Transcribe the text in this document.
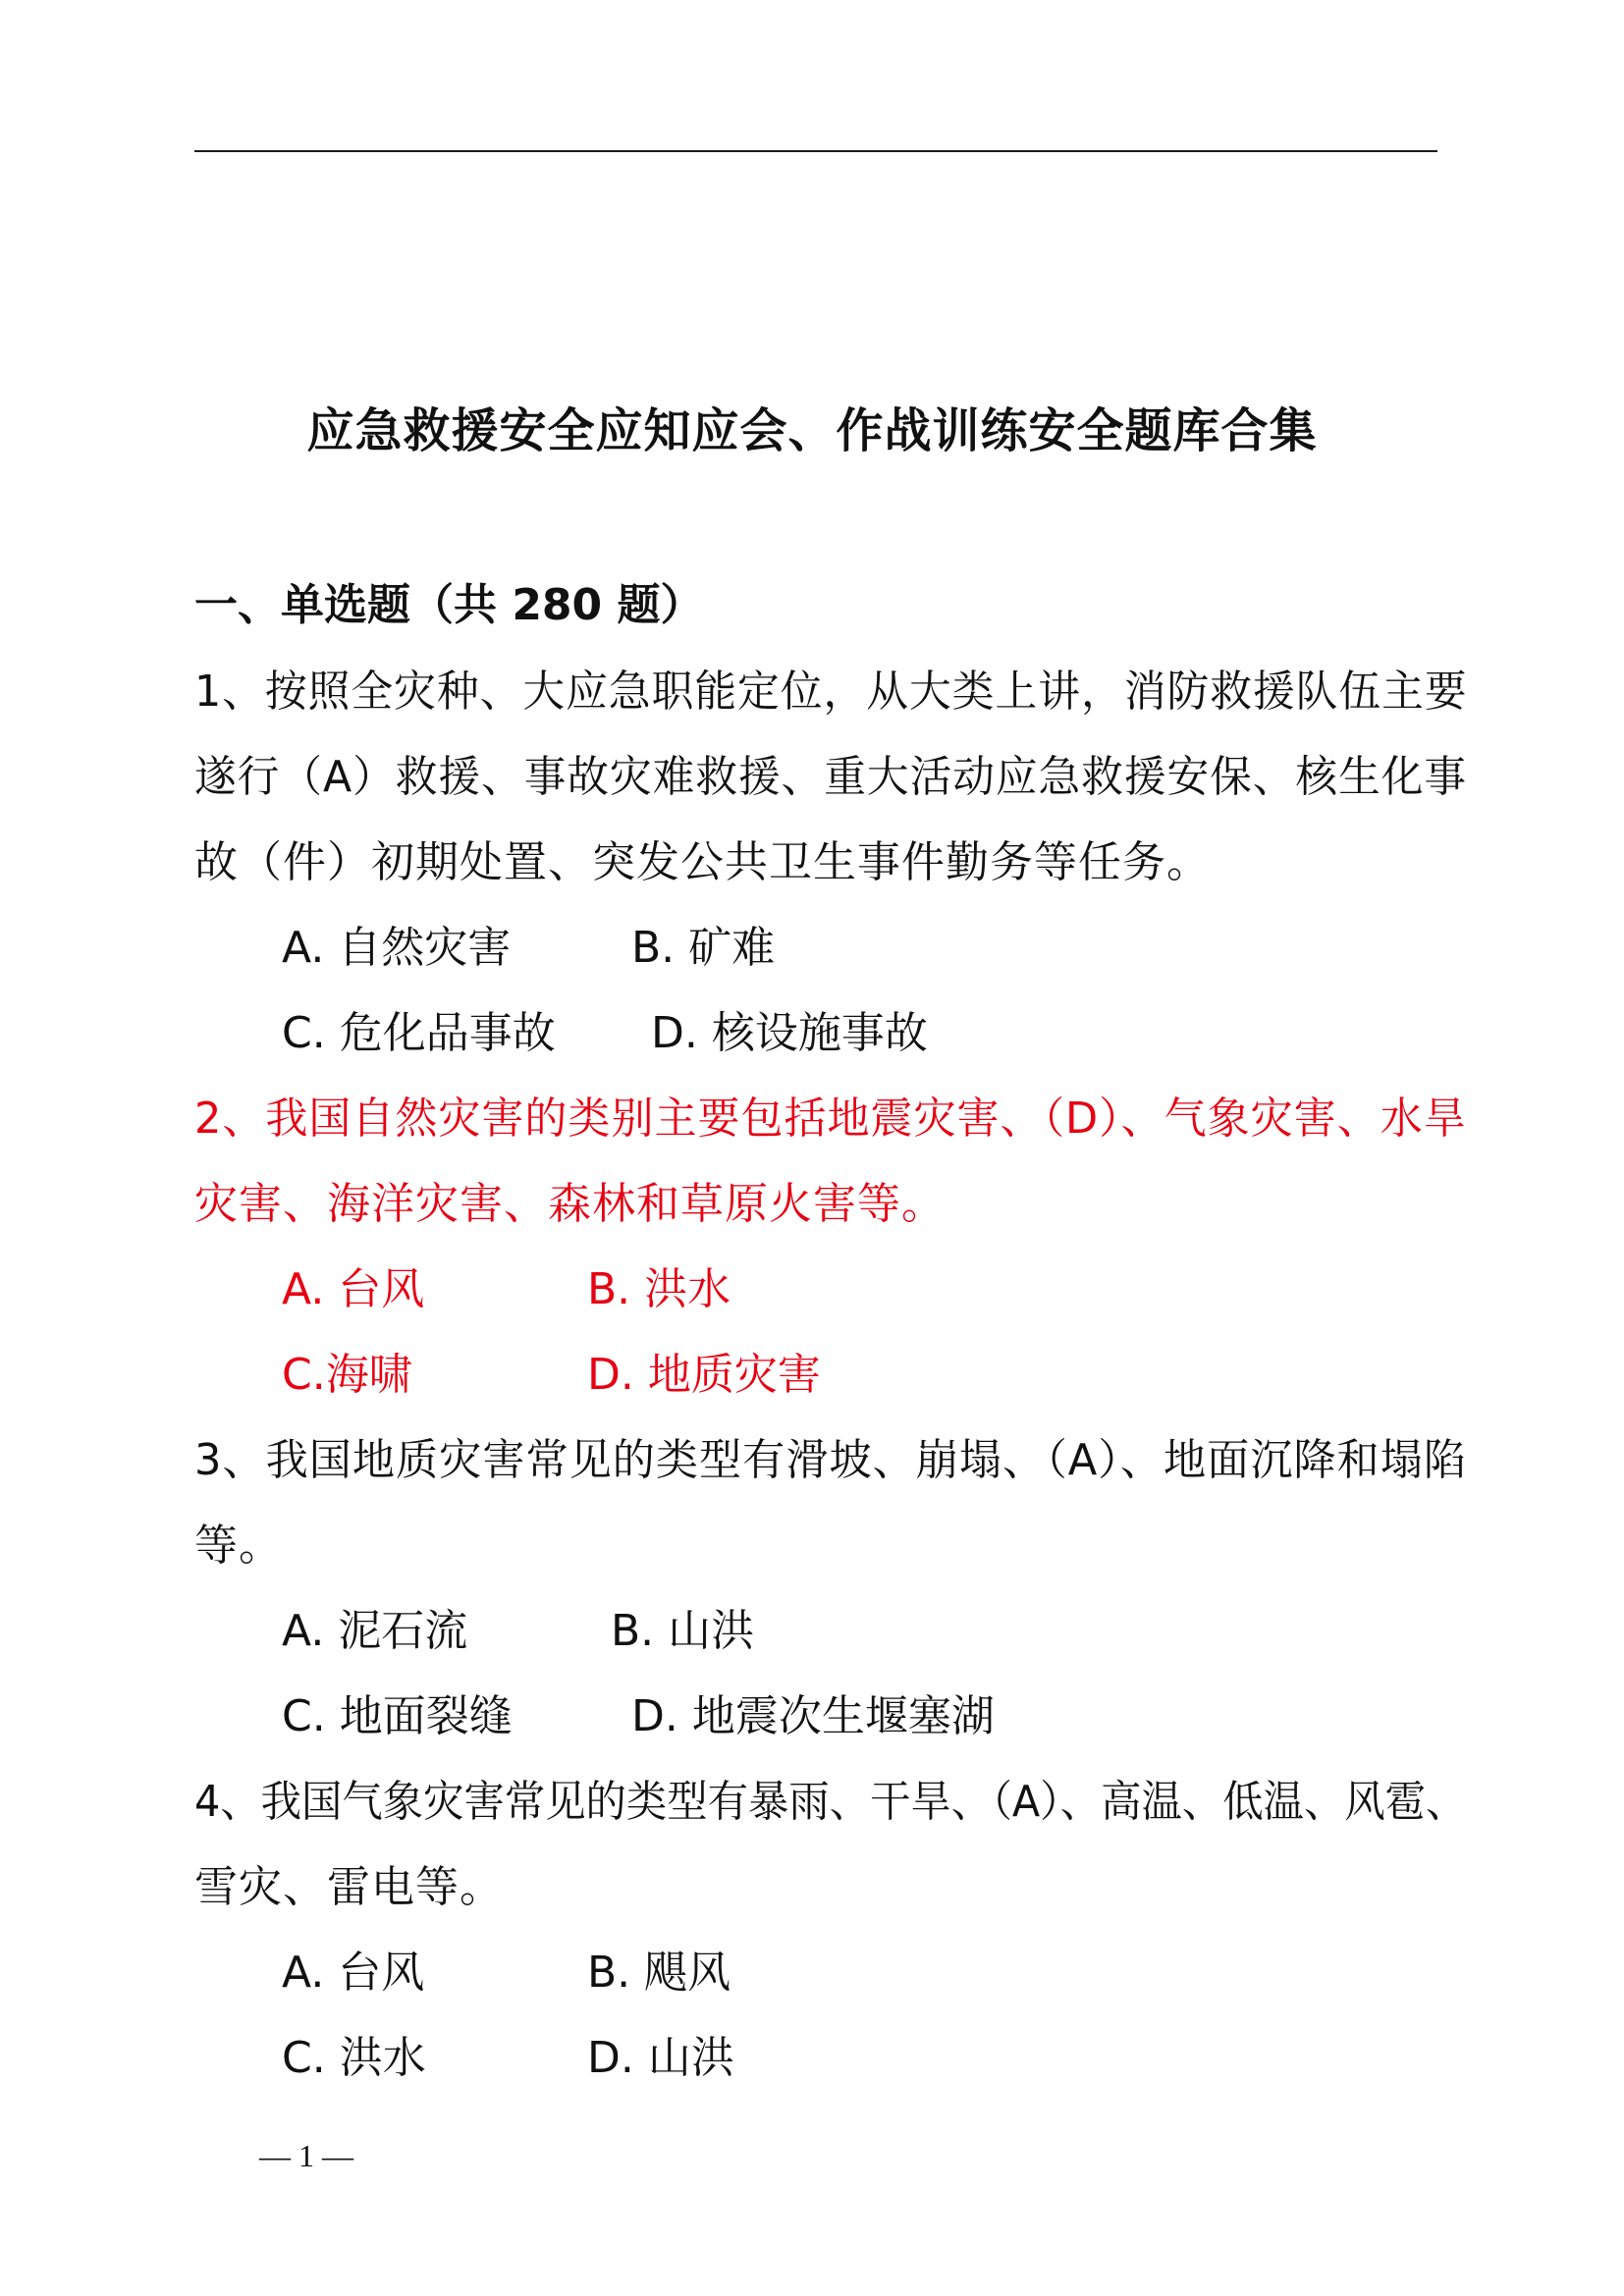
应急救援安全应知应会、作战训练安全题库合集
一、单选题（共 280 题）
1、按照全灾种、大应急职能定位，从大类上讲，消防救援队伍主要
遂行（A）救援、事故灾难救援、重大活动应急救援安保、核生化事
故（件）初期处置、突发公共卫生事件勤务等任务。
A. 自然灾害	B. 矿难
C. 危化品事故 D. 核设施事故
2、我国自然灾害的类别主要包括地震灾害、（D）、气象灾害、水旱
灾害、海洋灾害、森林和草原火害等。
A. 台风	B. 洪水
C.海啸	D. 地质灾害
3、我国地质灾害常见的类型有滑坡、崩塌、（A）、地面沉降和塌陷
等。
A. 泥石流	B. 山洪
C. 地面裂缝	D. 地震次生堰塞湖
4、我国气象灾害常见的类型有暴雨、干旱、（A）、高温、低温、风雹、
雪灾、雷电等。
A. 台风	B. 飓风
C. 洪水	D. 山洪
— 1 —
